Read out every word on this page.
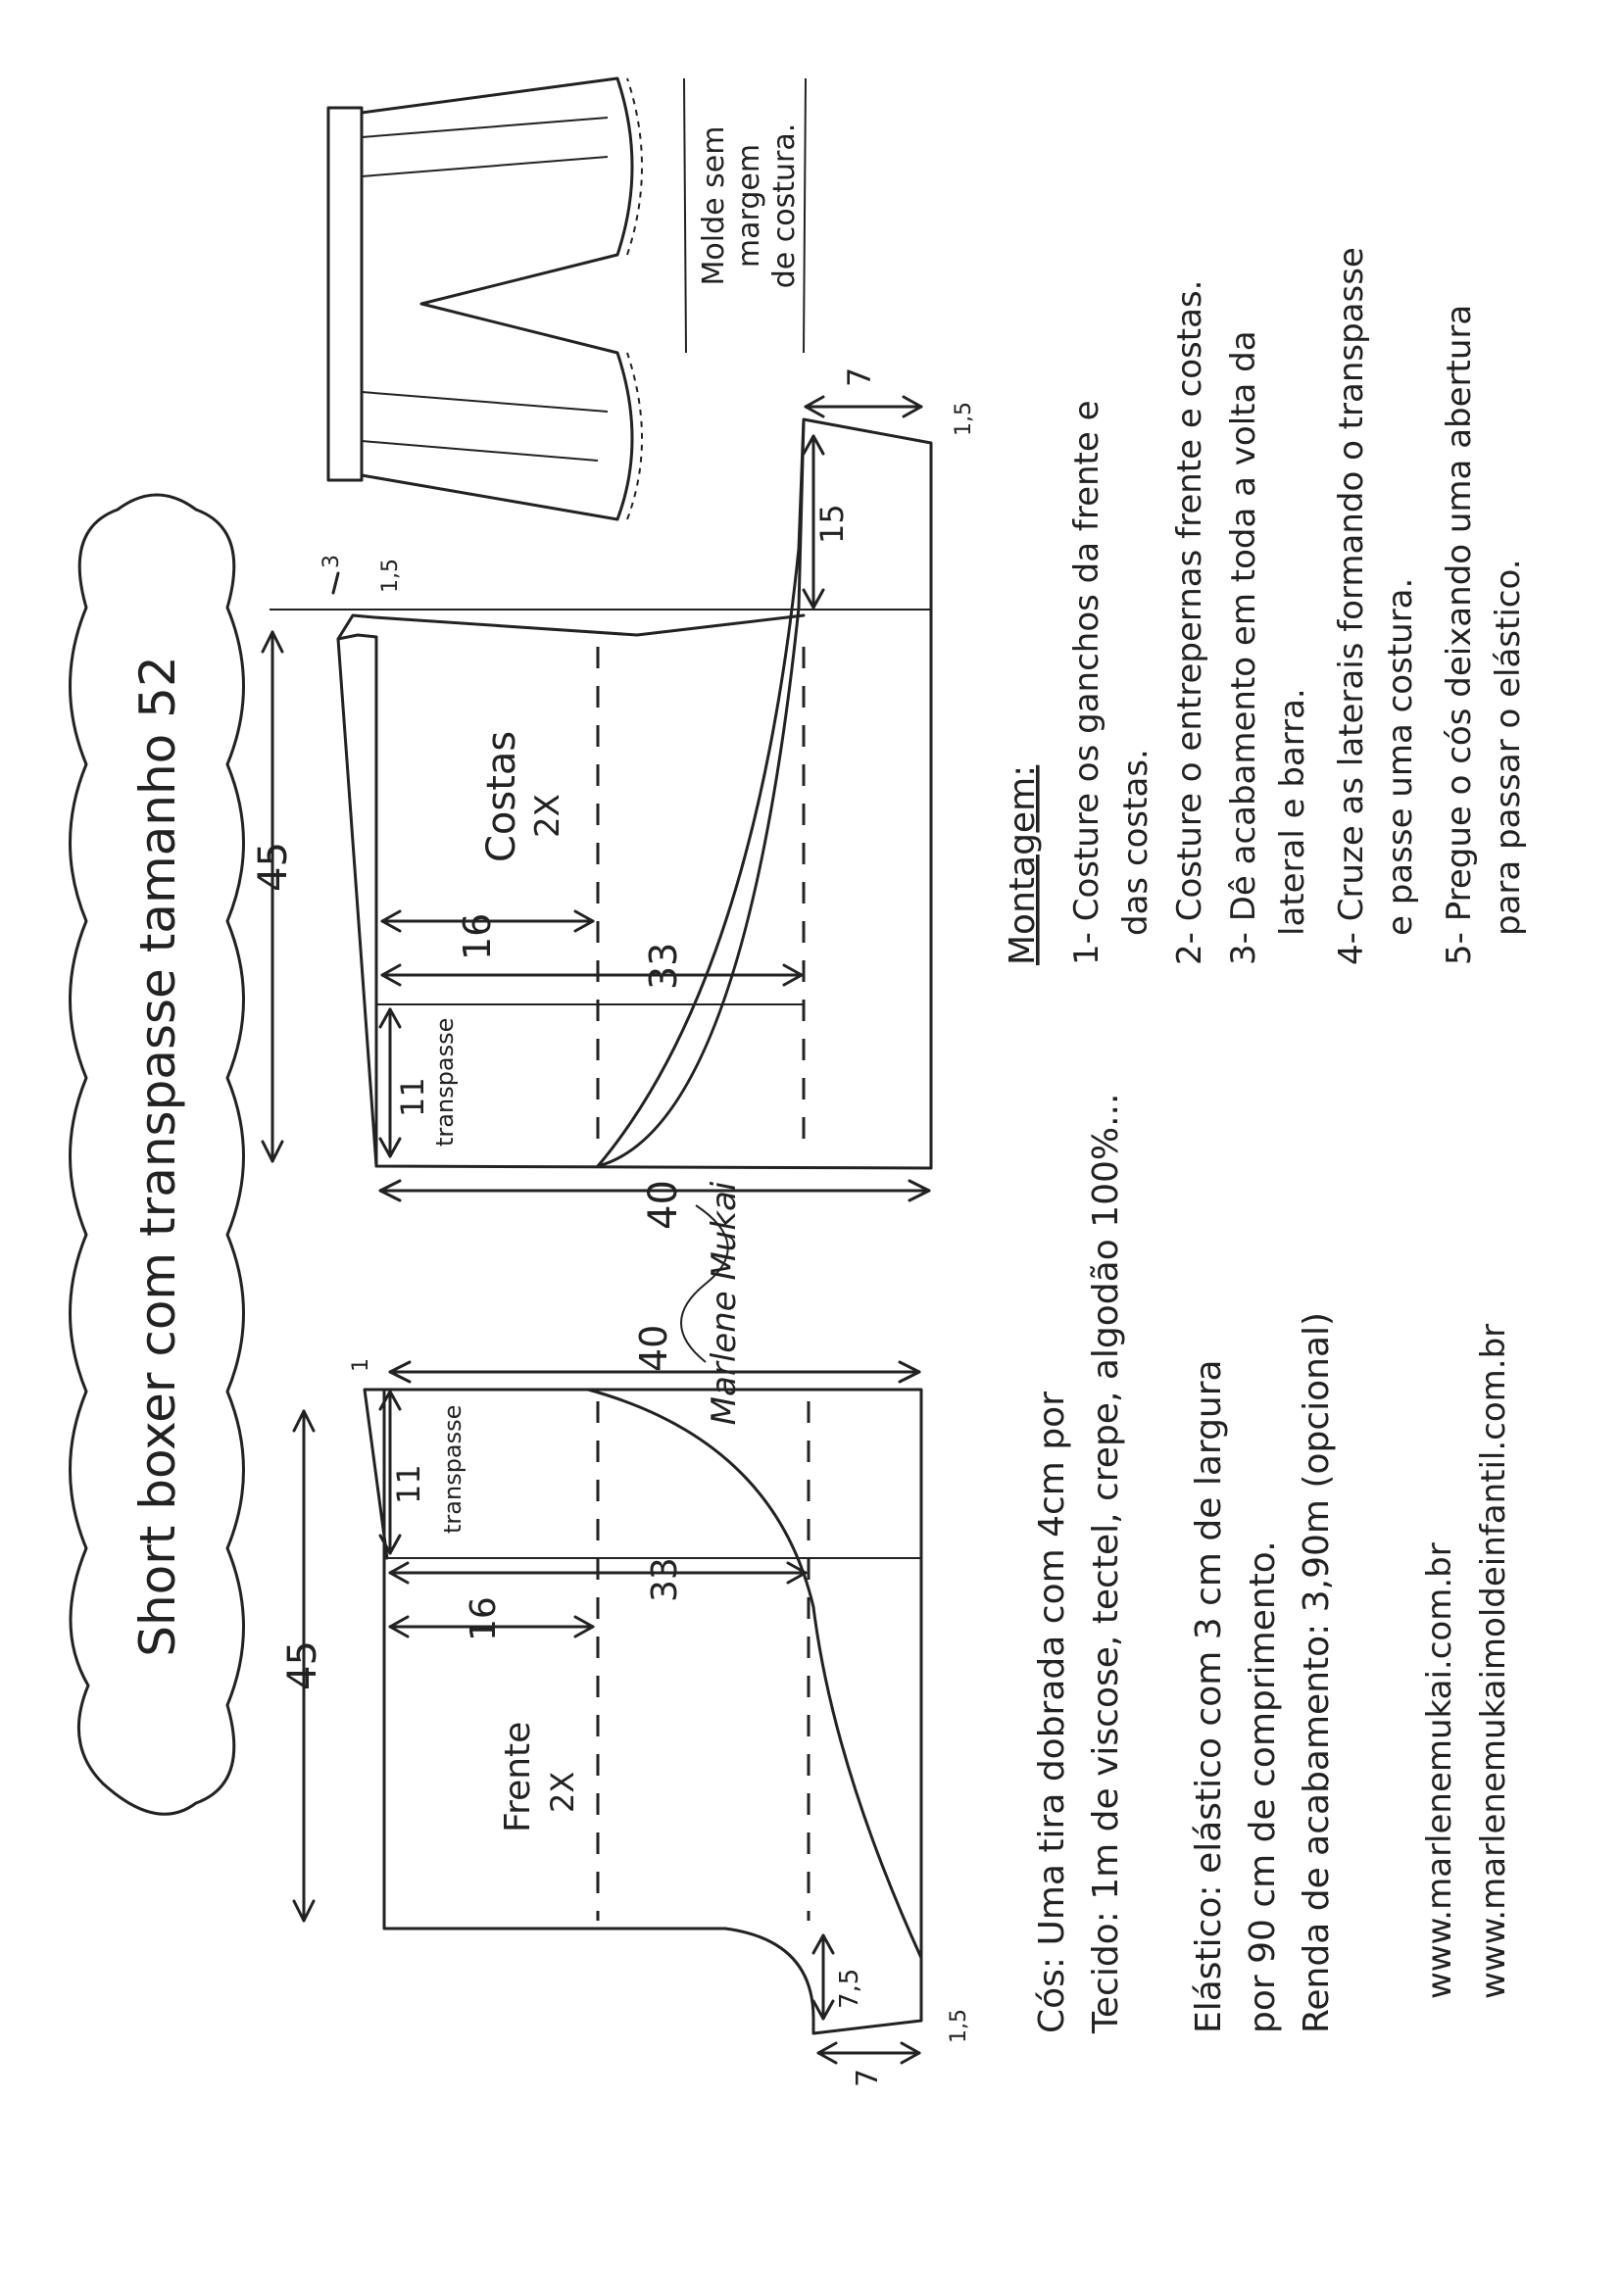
Short boxer com transpasse tamanho 52
Molde sem margem de costura.
45
40
16
33
11 transpasse
Costas 2X
15
7
1,5
3 1,5
Marlene Mukai
40
45
11 transpasse
16
33
Frente 2X
7,5
7
1,5
1
Cós: Uma tira dobrada com 4cm por Tecido: 1m de viscose, tectel, crepe, algodão 100%... Elástico: elástico com 3 cm de largura por 90 cm de comprimento. Renda de acabamento: 3,90m (opcional)
Montagem: 1- Costure os ganchos da frente e das costas. 2- Costure o entrepernas frente e costas. 3- Dê acabamento em toda a volta da lateral e barra. 4- Cruze as laterais formando o transpasse e passe uma costura. 5- Pregue o cós deixando uma abertura para passar o elástico.
www.marlenemukai.com.br www.marlenemukaimoldeinfantil.com.br
